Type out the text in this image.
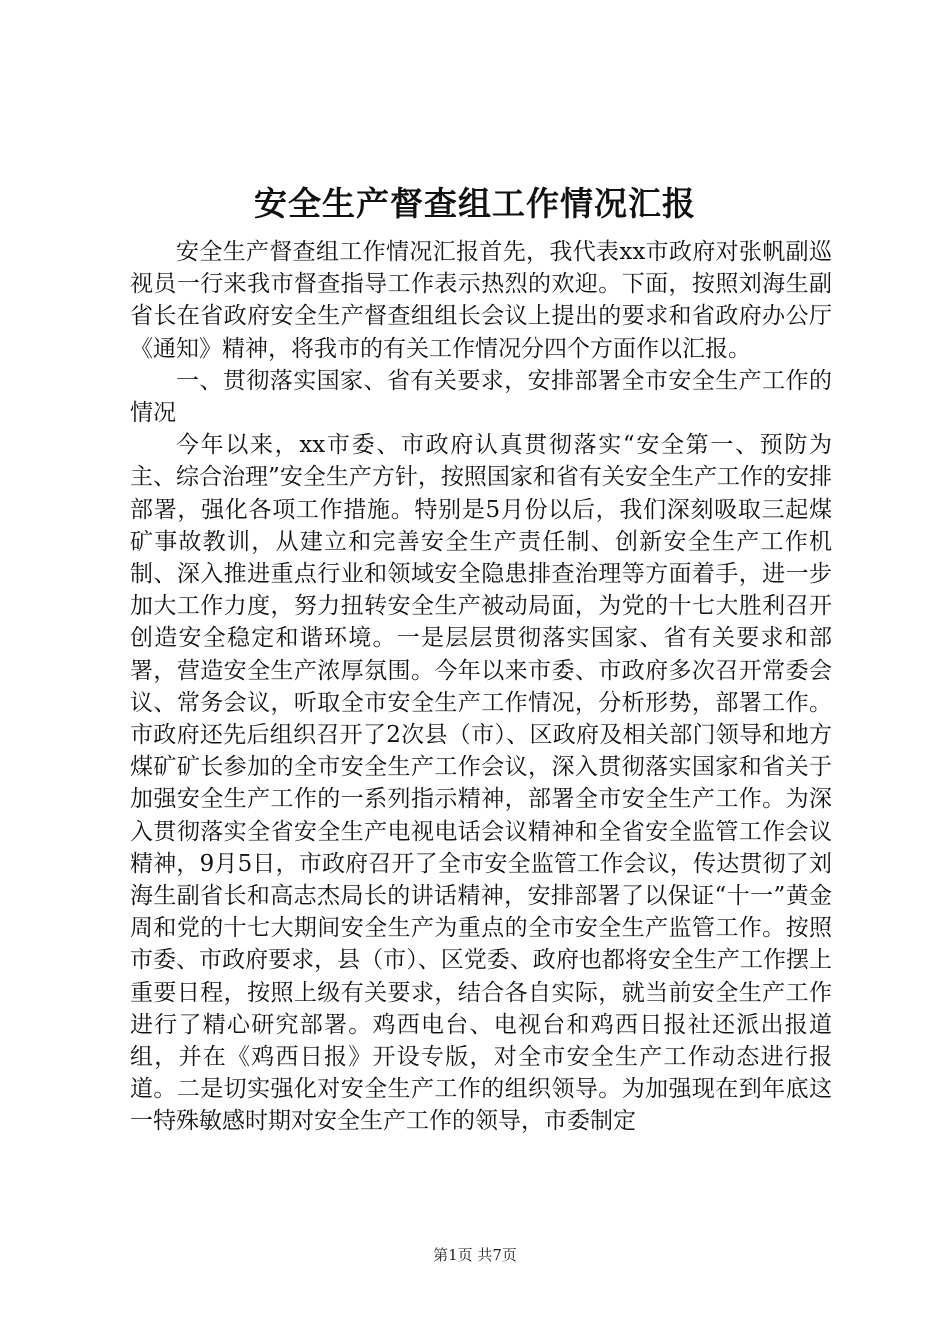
安全生产督查组工作情况汇报

安全生产督查组工作情况汇报首先，我代表xx市政府对张帆副巡视员一行来我市督查指导工作表示热烈的欢迎。下面，按照刘海生副省长在省政府安全生产督查组组长会议上提出的要求和省政府办公厅《通知》精神，将我市的有关工作情况分四个方面作以汇报。

一、贯彻落实国家、省有关要求，安排部署全市安全生产工作的情况

今年以来，xx市委、市政府认真贯彻落实“安全第一、预防为主、综合治理”安全生产方针，按照国家和省有关安全生产工作的安排部署，强化各项工作措施。特别是5月份以后，我们深刻吸取三起煤矿事故教训，从建立和完善安全生产责任制、创新安全生产工作机制、深入推进重点行业和领域安全隐患排查治理等方面着手，进一步加大工作力度，努力扭转安全生产被动局面，为党的十七大胜利召开创造安全稳定和谐环境。一是层层贯彻落实国家、省有关要求和部署，营造安全生产浓厚氛围。今年以来市委、市政府多次召开常委会议、常务会议，听取全市安全生产工作情况，分析形势，部署工作。市政府还先后组织召开了2次县（市）、区政府及相关部门领导和地方煤矿矿长参加的全市安全生产工作会议，深入贯彻落实国家和省关于加强安全生产工作的一系列指示精神，部署全市安全生产工作。为深入贯彻落实全省安全生产电视电话会议精神和全省安全监管工作会议精神，9月5日，市政府召开了全市安全监管工作会议，传达贯彻了刘海生副省长和高志杰局长的讲话精神，安排部署了以保证“十一”黄金周和党的十七大期间安全生产为重点的全市安全生产监管工作。按照市委、市政府要求，县（市）、区党委、政府也都将安全生产工作摆上重要日程，按照上级有关要求，结合各自实际，就当前安全生产工作进行了精心研究部署。鸡西电台、电视台和鸡西日报社还派出报道组，并在《鸡西日报》开设专版，对全市安全生产工作动态进行报道。二是切实强化对安全生产工作的组织领导。为加强现在到年底这一特殊敏感时期对安全生产工作的领导，市委制定

第1页 共7页
